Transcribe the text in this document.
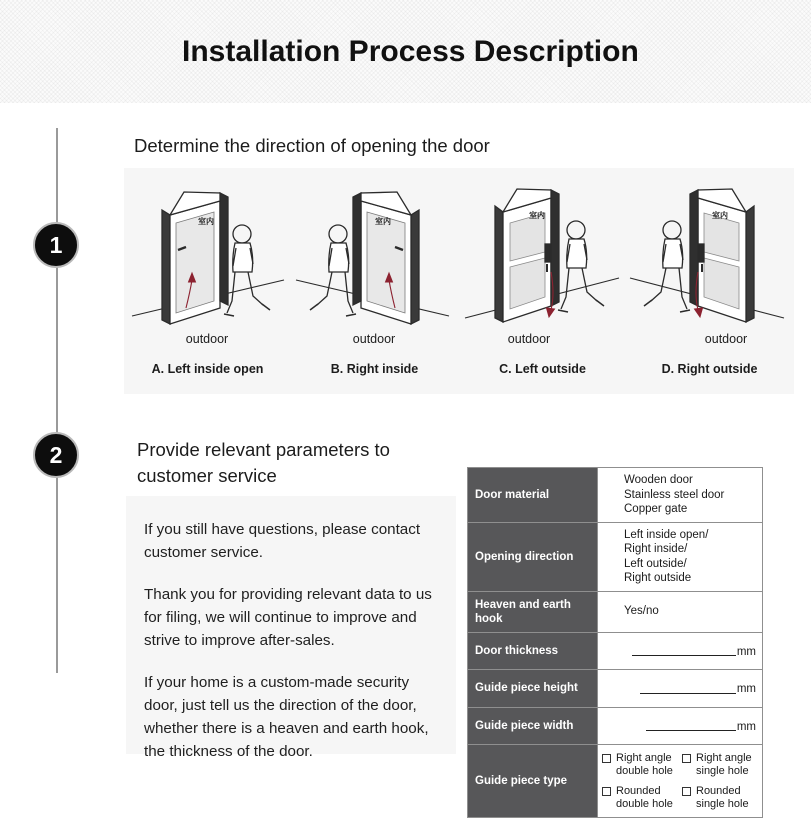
Installation Process Description
1
2
Determine the direction of opening the door
室内
outdoor
A. Left inside open
室内
outdoor
B. Right inside
室内
outdoor
C. Left outside
室内
outdoor
D. Right outside
Provide relevant parameters to customer service

If you still have questions, please contact customer service.

Thank you for providing relevant data to us for filing, we will continue to improve and strive to improve after-sales.

If your home is a custom-made security door, just tell us the direction of the door, whether there is a heaven and earth hook, the thickness of the door.

Door material	Wooden door
Stainless steel door
Copper gate

Opening direction	Left inside open/
Right inside/
Left outside/
Right outside

Heaven and earth hook	Yes/no

Door thickness	mm

Guide piece height	mm

Guide piece width	mm

Guide piece type	Right angle double hole
Right angle single hole
Rounded double hole
Rounded single hole
